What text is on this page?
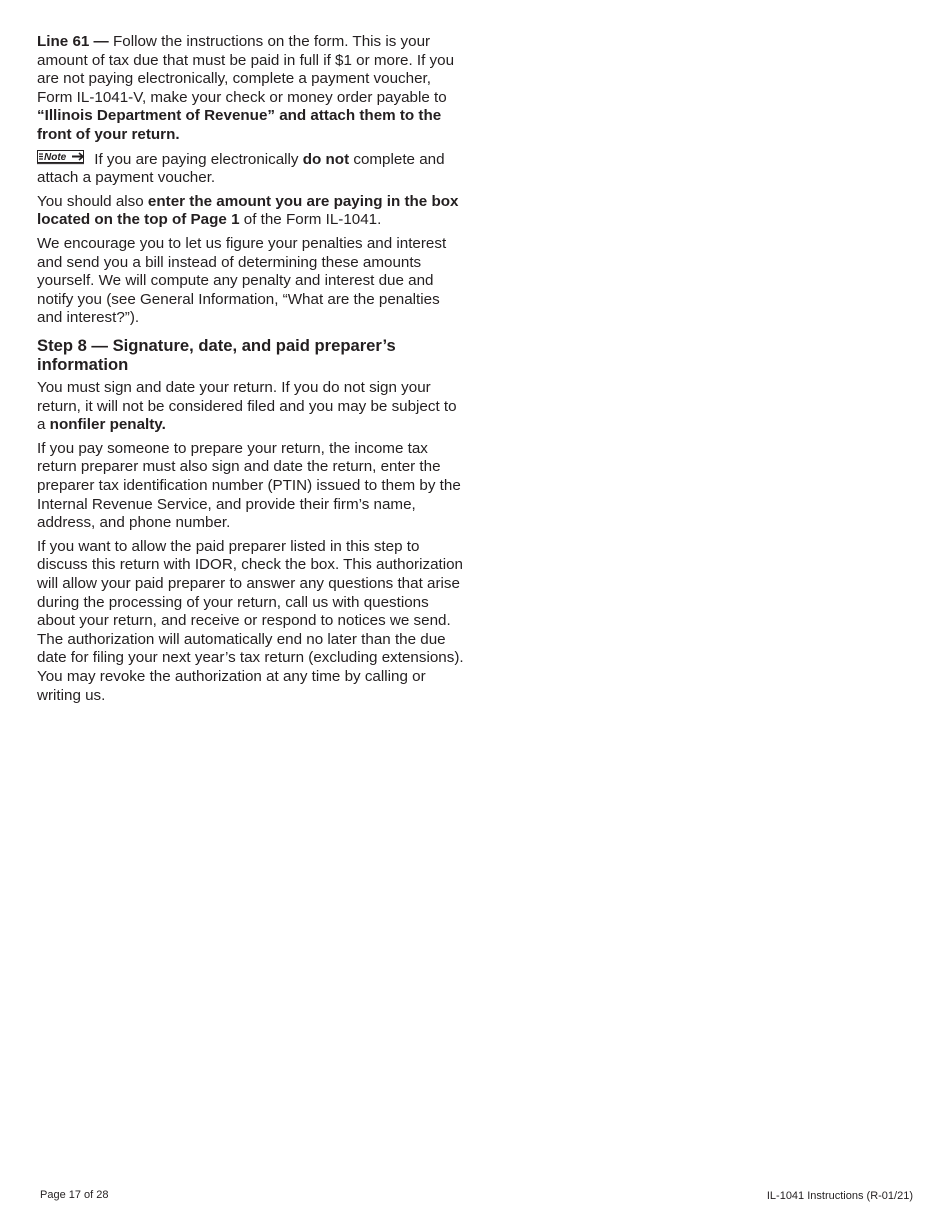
Line 61 — Follow the instructions on the form. This is your amount of tax due that must be paid in full if $1 or more. If you are not paying electronically, complete a payment voucher, Form IL-1041-V, make your check or money order payable to “Illinois Department of Revenue” and attach them to the front of your return.

Note If you are paying electronically do not complete and attach a payment voucher.

You should also enter the amount you are paying in the box located on the top of Page 1 of the Form IL-1041.

We encourage you to let us figure your penalties and interest and send you a bill instead of determining these amounts yourself. We will compute any penalty and interest due and notify you (see General Information, “What are the penalties and interest?”).

Step 8 — Signature, date, and paid preparer’s information

You must sign and date your return. If you do not sign your return, it will not be considered filed and you may be subject to a nonfiler penalty.

If you pay someone to prepare your return, the income tax return preparer must also sign and date the return, enter the preparer tax identification number (PTIN) issued to them by the Internal Revenue Service, and provide their firm’s name, address, and phone number.

If you want to allow the paid preparer listed in this step to discuss this return with IDOR, check the box. This authorization will allow your paid preparer to answer any questions that arise during the processing of your return, call us with questions about your return, and receive or respond to notices we send. The authorization will automatically end no later than the due date for filing your next year’s tax return (excluding extensions). You may revoke the authorization at any time by calling or writing us.

Page 17 of 28	IL-1041 Instructions (R-01/21)
